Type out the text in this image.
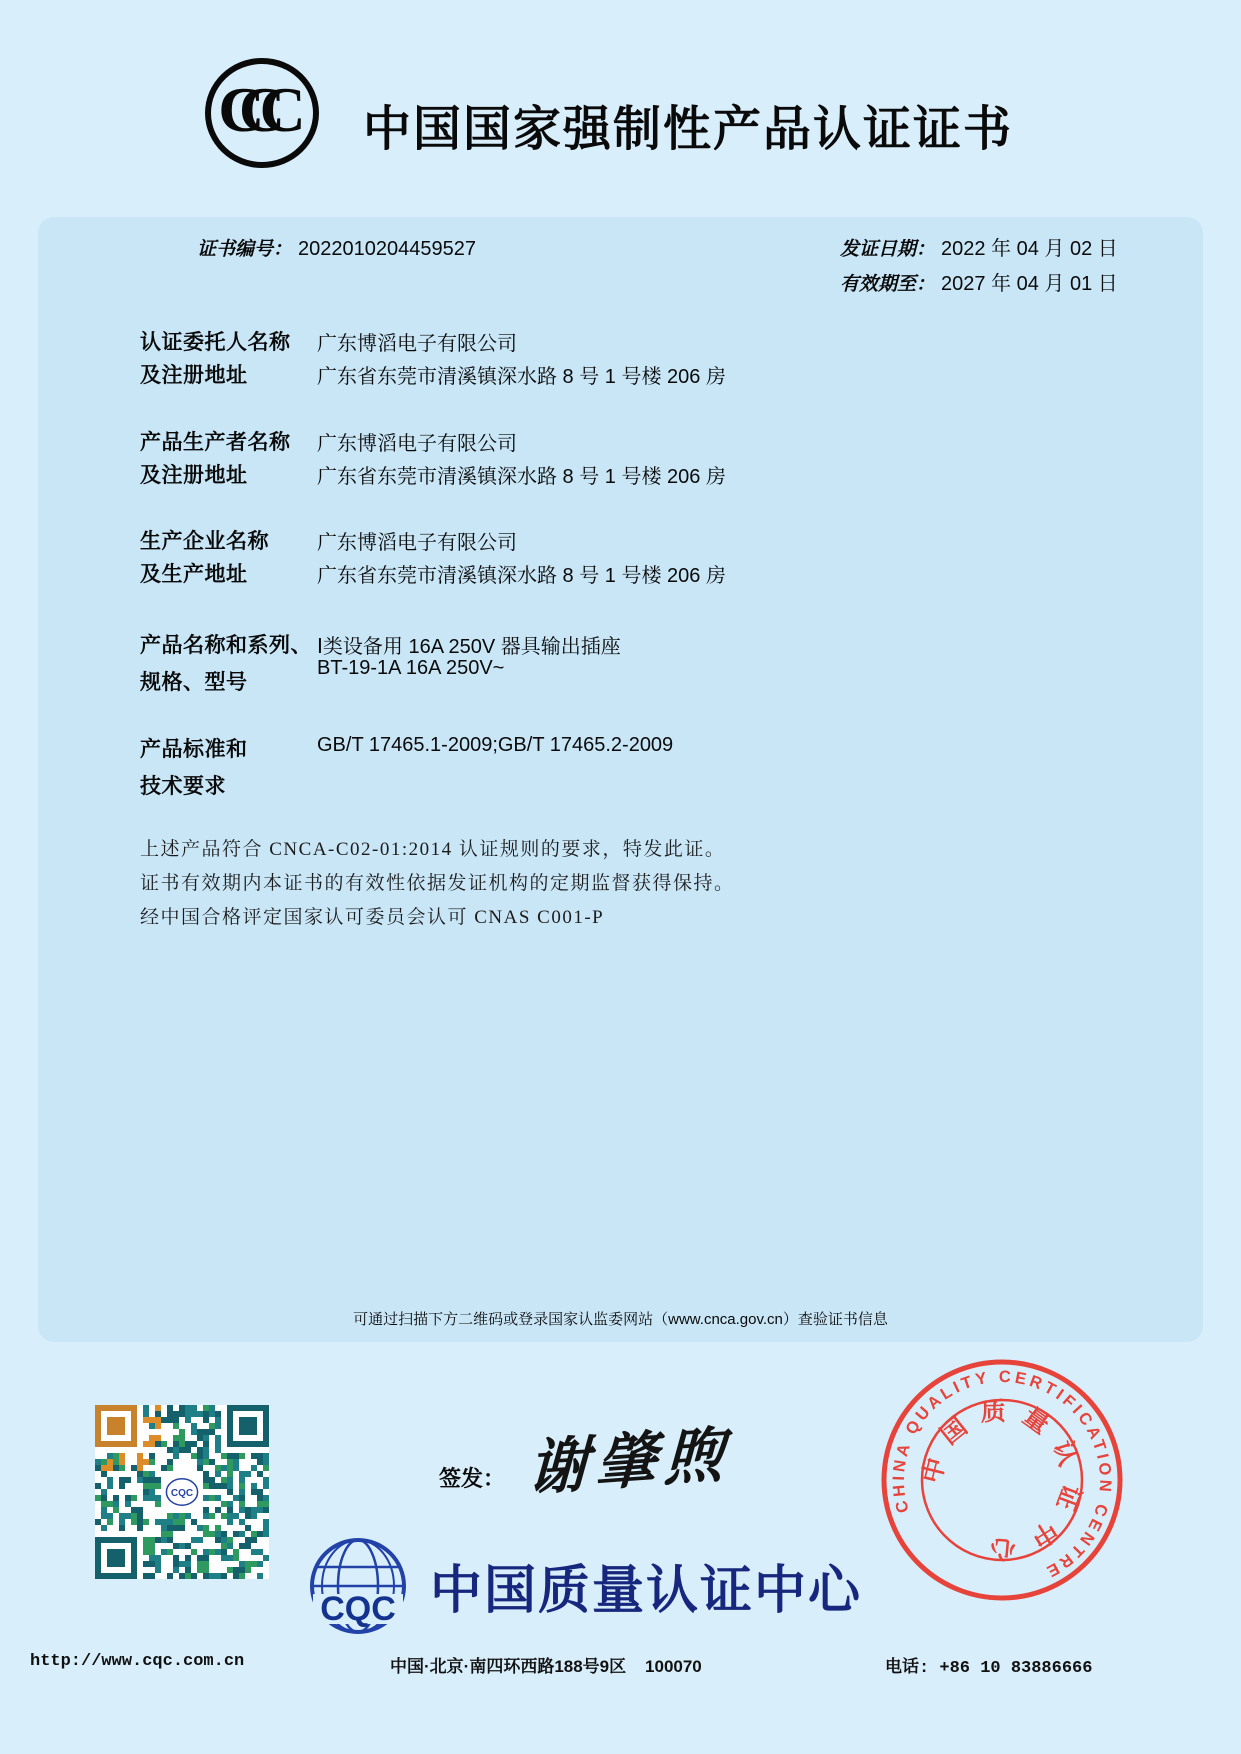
CCC	中国国家强制性产品认证证书
证书编号： 2022010204459527	发证日期： 2022 年 04 月 02 日
有效期至： 2027 年 04 月 01 日
认证委托人名称 广东博滔电子有限公司
及注册地址	广东省东莞市清溪镇深水路 8 号 1 号楼 206 房
产品生产者名称 广东博滔电子有限公司
及注册地址	广东省东莞市清溪镇深水路 8 号 1 号楼 206 房
生产企业名称 广东博滔电子有限公司
及生产地址	广东省东莞市清溪镇深水路 8 号 1 号楼 206 房
产品名称和系列、
规格、型号
Ⅰ类设备用 16A 250V 器具输出插座
BT-19-1A 16A 250V~
产品标准和
技术要求
GB/T 17465.1-2009;GB/T 17465.2-2009
上述产品符合 CNCA-C02-01:2014 认证规则的要求，特发此证。
证书有效期内本证书的有效性依据发证机构的定期监督获得保持。
经中国合格评定国家认可委员会认可 CNAS C001-P
可通过扫描下方二维码或登录国家认监委网站（www.cnca.gov.cn）查验证书信息
CQC
签发： 谢肇煦
CQC 中国质量认证中心
CHINA QUALITY CERTIFICATION CENTRE
中国质量认证中心
http://www.cqc.com.cn	中国·北京·南四环西路188号9区    100070	电话: +86 10 83886666
